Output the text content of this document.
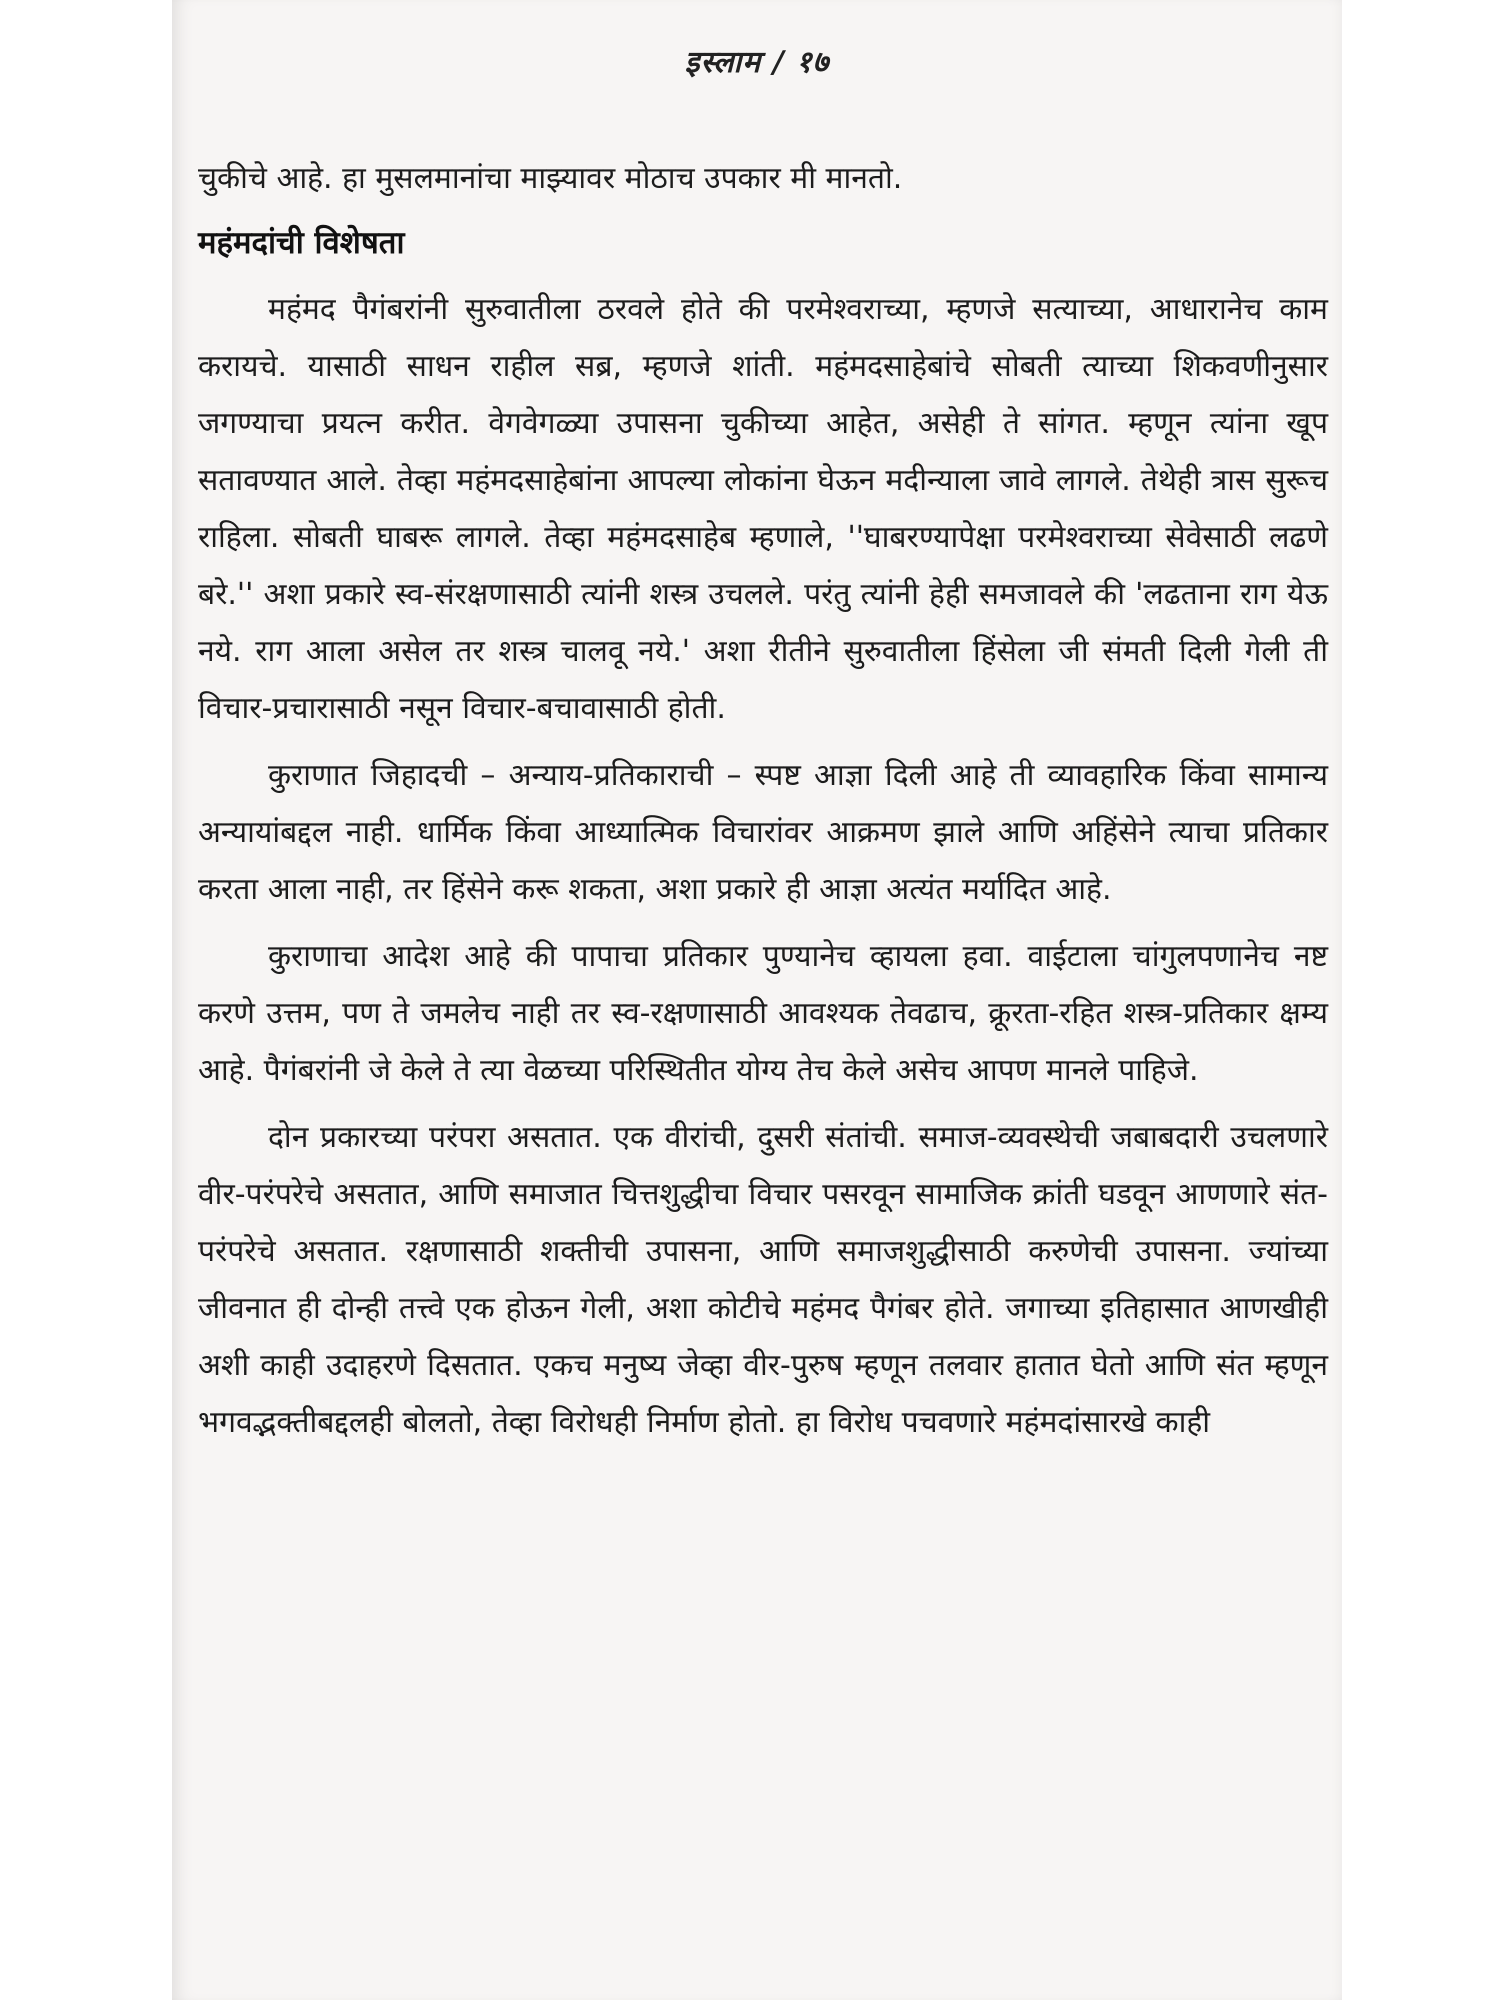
इस्लाम / १७

चुकीचे आहे. हा मुसलमानांचा माझ्यावर मोठाच उपकार मी मानतो.

महंमदांची विशेषता

महंमद पैगंबरांनी सुरुवातीला ठरवले होते की परमेश्वराच्या, म्हणजे सत्याच्या, आधारानेच काम करायचे. यासाठी साधन राहील सब्र, म्हणजे शांती. महंमदसाहेबांचे सोबती त्याच्या शिकवणीनुसार जगण्याचा प्रयत्न करीत. वेगवेगळ्या उपासना चुकीच्या आहेत, असेही ते सांगत. म्हणून त्यांना खूप सतावण्यात आले. तेव्हा महंमदसाहेबांना आपल्या लोकांना घेऊन मदीन्याला जावे लागले. तेथेही त्रास सुरूच राहिला. सोबती घाबरू लागले. तेव्हा महंमदसाहेब म्हणाले, ''घाबरण्यापेक्षा परमेश्वराच्या सेवेसाठी लढणे बरे.'' अशा प्रकारे स्व-संरक्षणासाठी त्यांनी शस्त्र उचलले. परंतु त्यांनी हेही समजावले की 'लढताना राग येऊ नये. राग आला असेल तर शस्त्र चालवू नये.' अशा रीतीने सुरुवातीला हिंसेला जी संमती दिली गेली ती विचार-प्रचारासाठी नसून विचार-बचावासाठी होती.

कुराणात जिहादची – अन्याय-प्रतिकाराची – स्पष्ट आज्ञा दिली आहे ती व्यावहारिक किंवा सामान्य अन्यायांबद्दल नाही. धार्मिक किंवा आध्यात्मिक विचारांवर आक्रमण झाले आणि अहिंसेने त्याचा प्रतिकार करता आला नाही, तर हिंसेने करू शकता, अशा प्रकारे ही आज्ञा अत्यंत मर्यादित आहे.

कुराणाचा आदेश आहे की पापाचा प्रतिकार पुण्यानेच व्हायला हवा. वाईटाला चांगुलपणानेच नष्ट करणे उत्तम, पण ते जमलेच नाही तर स्व-रक्षणासाठी आवश्यक तेवढाच, क्रूरता-रहित शस्त्र-प्रतिकार क्षम्य आहे. पैगंबरांनी जे केले ते त्या वेळच्या परिस्थितीत योग्य तेच केले असेच आपण मानले पाहिजे.

दोन प्रकारच्या परंपरा असतात. एक वीरांची, दुसरी संतांची. समाज-व्यवस्थेची जबाबदारी उचलणारे वीर-परंपरेचे असतात, आणि समाजात चित्तशुद्धीचा विचार पसरवून सामाजिक क्रांती घडवून आणणारे संत-परंपरेचे असतात. रक्षणासाठी शक्तीची उपासना, आणि समाजशुद्धीसाठी करुणेची उपासना. ज्यांच्या जीवनात ही दोन्ही तत्त्वे एक होऊन गेली, अशा कोटीचे महंमद पैगंबर होते. जगाच्या इतिहासात आणखीही अशी काही उदाहरणे दिसतात. एकच मनुष्य जेव्हा वीर-पुरुष म्हणून तलवार हातात घेतो आणि संत म्हणून भगवद्भक्तीबद्दलही बोलतो, तेव्हा विरोधही निर्माण होतो. हा विरोध पचवणारे महंमदांसारखे काही
